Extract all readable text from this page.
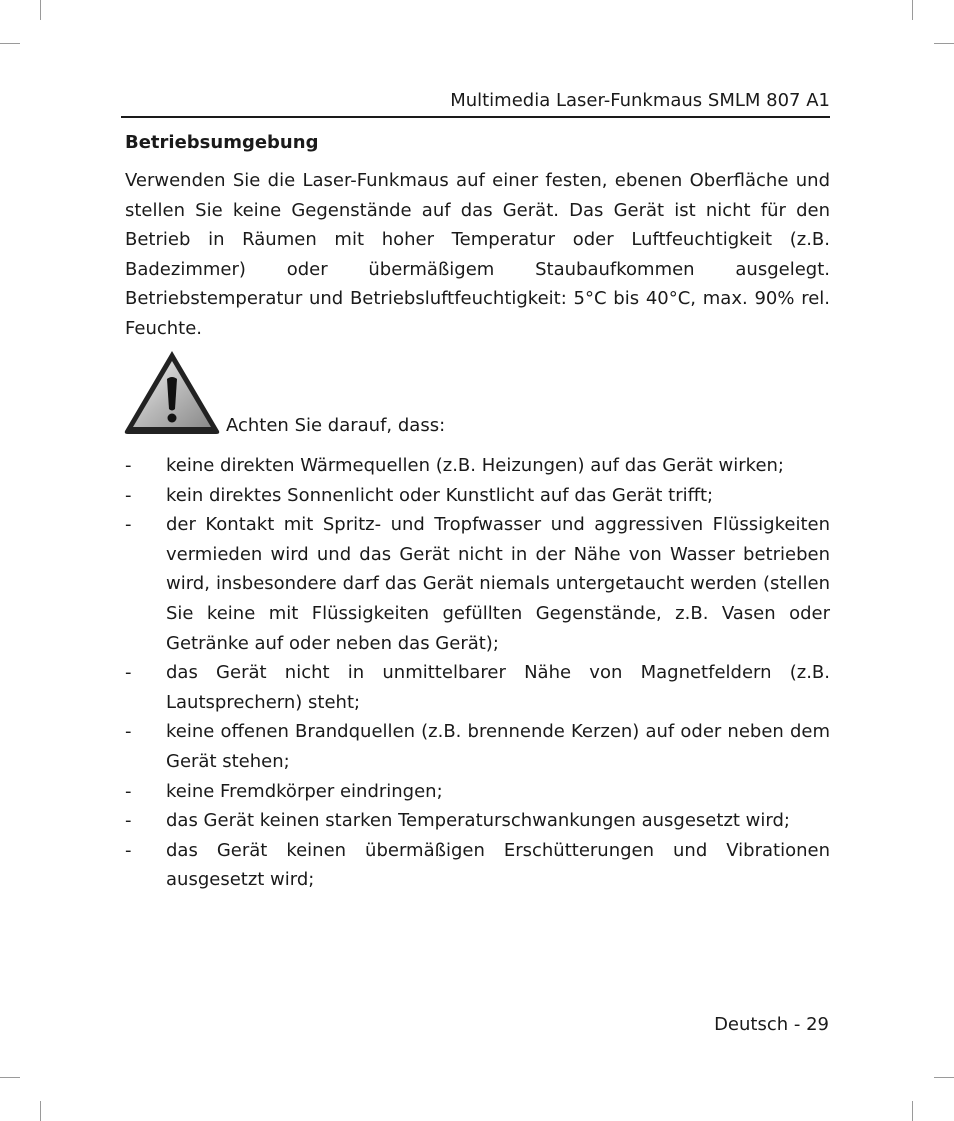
Multimedia Laser-Funkmaus SMLM 807 A1
Betriebsumgebung

Verwenden Sie die Laser-Funkmaus auf einer festen, ebenen Oberfläche und stellen Sie keine Gegenstände auf das Gerät. Das Gerät ist nicht für den Betrieb in Räumen mit hoher Temperatur oder Luftfeuchtigkeit (z.B. Badezimmer) oder übermäßigem Staubaufkommen ausgelegt. Betriebstemperatur und Betriebsluftfeuchtigkeit: 5°C bis 40°C, max. 90% rel. Feuchte.

Achten Sie darauf, dass:
- keine direkten Wärmequellen (z.B. Heizungen) auf das Gerät wirken;
- kein direktes Sonnenlicht oder Kunstlicht auf das Gerät trifft;
- der Kontakt mit Spritz- und Tropfwasser und aggressiven Flüssigkeiten vermieden wird und das Gerät nicht in der Nähe von Wasser betrieben wird, insbesondere darf das Gerät niemals untergetaucht werden (stellen Sie keine mit Flüssigkeiten gefüllten Gegenstände, z.B. Vasen oder Getränke auf oder neben das Gerät);
- das Gerät nicht in unmittelbarer Nähe von Magnetfeldern (z.B. Lautsprechern) steht;
- keine offenen Brandquellen (z.B. brennende Kerzen) auf oder neben dem Gerät stehen;
- keine Fremdkörper eindringen;
- das Gerät keinen starken Temperaturschwankungen ausgesetzt wird;
- das Gerät keinen übermäßigen Erschütterungen und Vibrationen ausgesetzt wird;
Deutsch - 29
